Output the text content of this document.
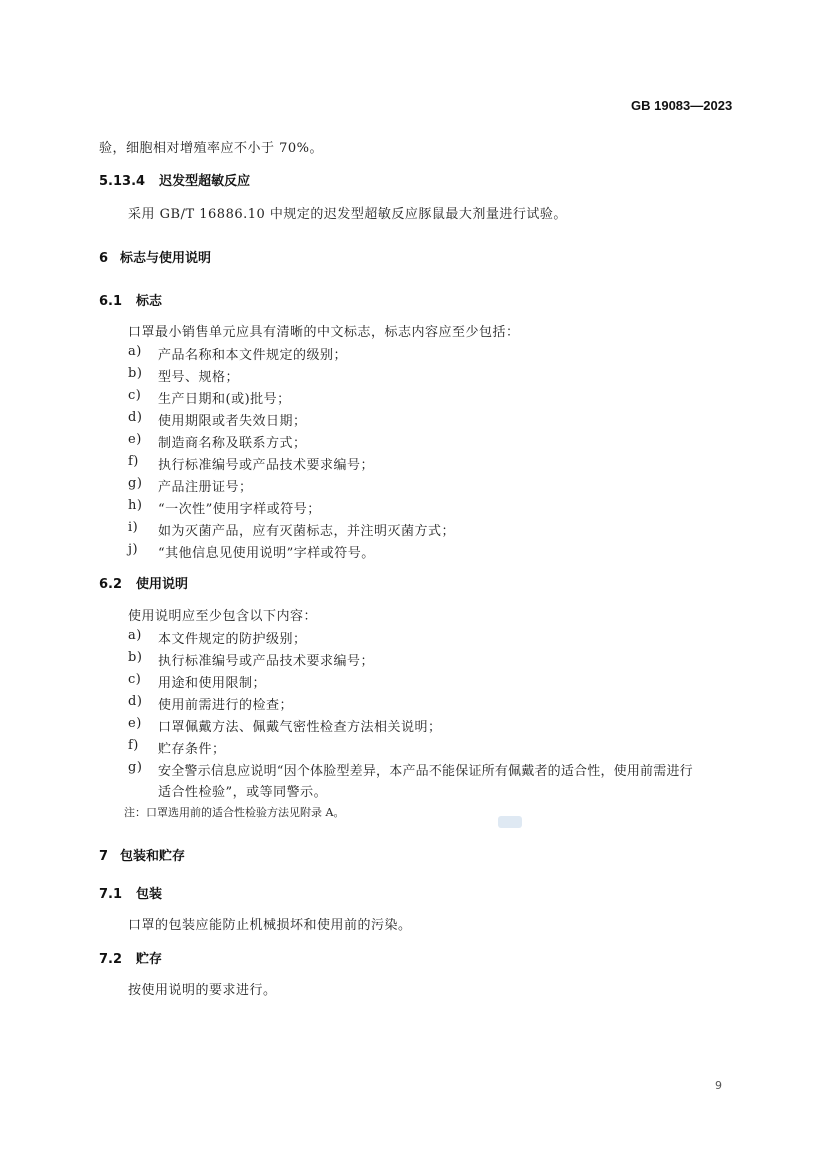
GB 19083—2023
验，细胞相对增殖率应不小于 70%。
5.13.4 迟发型超敏反应
采用 GB/T 16886.10 中规定的迟发型超敏反应豚鼠最大剂量进行试验。
6 标志与使用说明
6.1 标志
口罩最小销售单元应具有清晰的中文标志，标志内容应至少包括：
a) 产品名称和本文件规定的级别；
b) 型号、规格；
c) 生产日期和(或)批号；
d) 使用期限或者失效日期；
e) 制造商名称及联系方式；
f) 执行标准编号或产品技术要求编号；
g) 产品注册证号；
h) “一次性”使用字样或符号；
i) 如为灭菌产品，应有灭菌标志，并注明灭菌方式；
j) “其他信息见使用说明”字样或符号。
6.2 使用说明
使用说明应至少包含以下内容：
a) 本文件规定的防护级别；
b) 执行标准编号或产品技术要求编号；
c) 用途和使用限制；
d) 使用前需进行的检查；
e) 口罩佩戴方法、佩戴气密性检查方法相关说明；
f) 贮存条件；
g) 安全警示信息应说明“因个体脸型差异，本产品不能保证所有佩戴者的适合性，使用前需进行
适合性检验”，或等同警示。
注：口罩选用前的适合性检验方法见附录 A。
7 包装和贮存
7.1 包装
口罩的包装应能防止机械损坏和使用前的污染。
7.2 贮存
按使用说明的要求进行。
9
